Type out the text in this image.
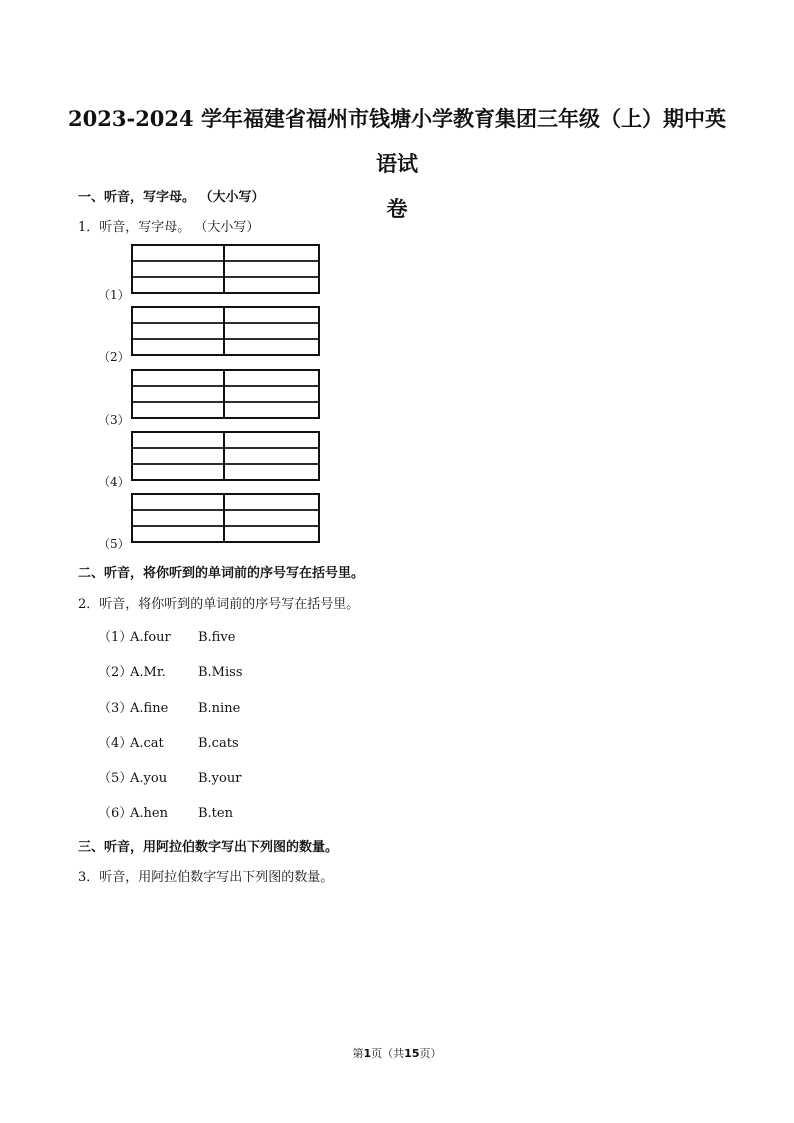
2023-2024 学年福建省福州市钱塘小学教育集团三年级（上）期中英语试
卷
一、听音，写字母。 （大小写）
1．听音，写字母。 （大小写）
（1）
（2）
（3）
（4）
（5）
二、听音，将你听到的单词前的序号写在括号里。
2．听音，将你听到的单词前的序号写在括号里。
（1）A.four B.five
（2）A.Mr. B.Miss
（3）A.fine B.nine
（4）A.cat	B.cats
（5）A.you B.your
（6）A.hen B.ten
三、听音，用阿拉伯数字写出下列图的数量。
3．听音，用阿拉伯数字写出下列图的数量。
第1页（共15页）
